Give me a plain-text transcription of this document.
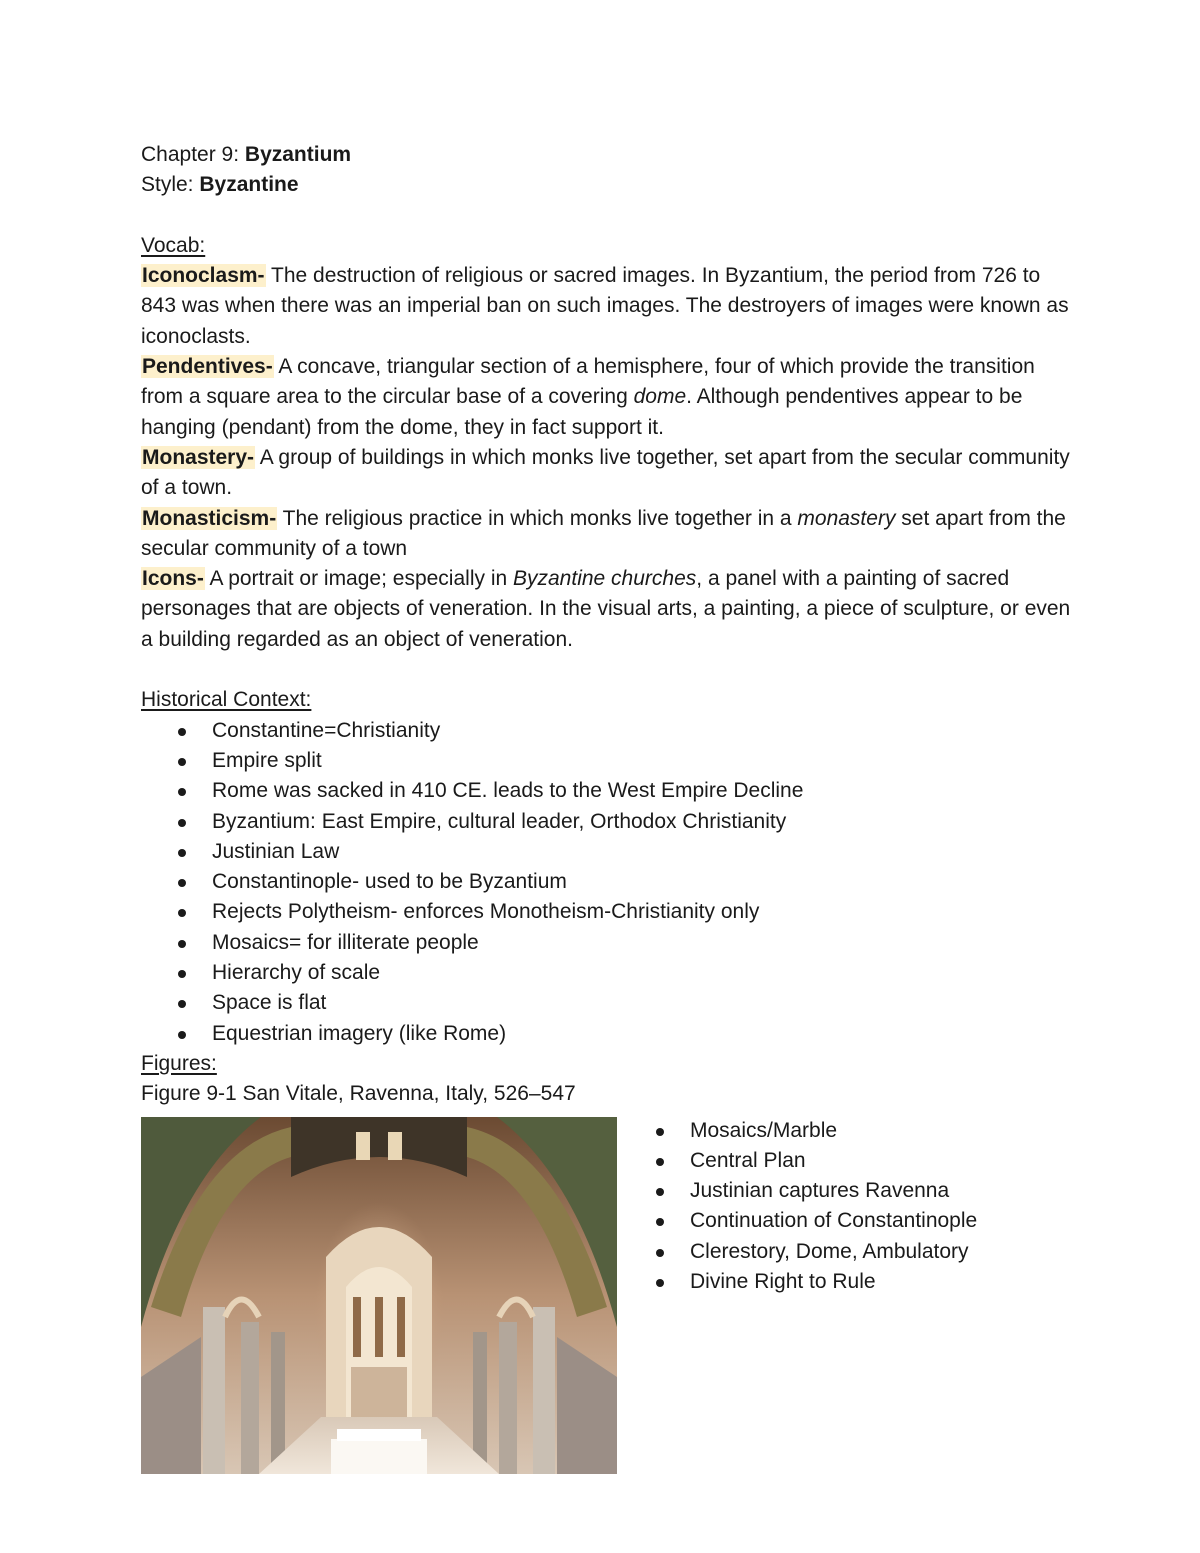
Chapter 9: Byzantium

Style: Byzantine

Vocab:

Iconoclasm- The destruction of religious or sacred images. In Byzantium, the period from 726 to 843 was when there was an imperial ban on such images. The destroyers of images were known as iconoclasts.

Pendentives- A concave, triangular section of a hemisphere, four of which provide the transition from a square area to the circular base of a covering dome. Although pendentives appear to be hanging (pendant) from the dome, they in fact support it.

Monastery- A group of buildings in which monks live together, set apart from the secular community of a town.

Monasticism- The religious practice in which monks live together in a monastery set apart from the secular community of a town

Icons- A portrait or image; especially in Byzantine churches, a panel with a painting of sacred personages that are objects of veneration. In the visual arts, a painting, a piece of sculpture, or even a building regarded as an object of veneration.

Historical Context:

Constantine=Christianity
Empire split
Rome was sacked in 410 CE. leads to the West Empire Decline
Byzantium: East Empire, cultural leader, Orthodox Christianity
Justinian Law
Constantinople- used to be Byzantium
Rejects Polytheism- enforces Monotheism-Christianity only
Mosaics= for illiterate people
Hierarchy of scale
Space is flat
Equestrian imagery (like Rome)

Figures:

Figure 9-1 San Vitale, Ravenna, Italy, 526–547

Mosaics/Marble
Central Plan
Justinian captures Ravenna
Continuation of Constantinople
Clerestory, Dome, Ambulatory
Divine Right to Rule
